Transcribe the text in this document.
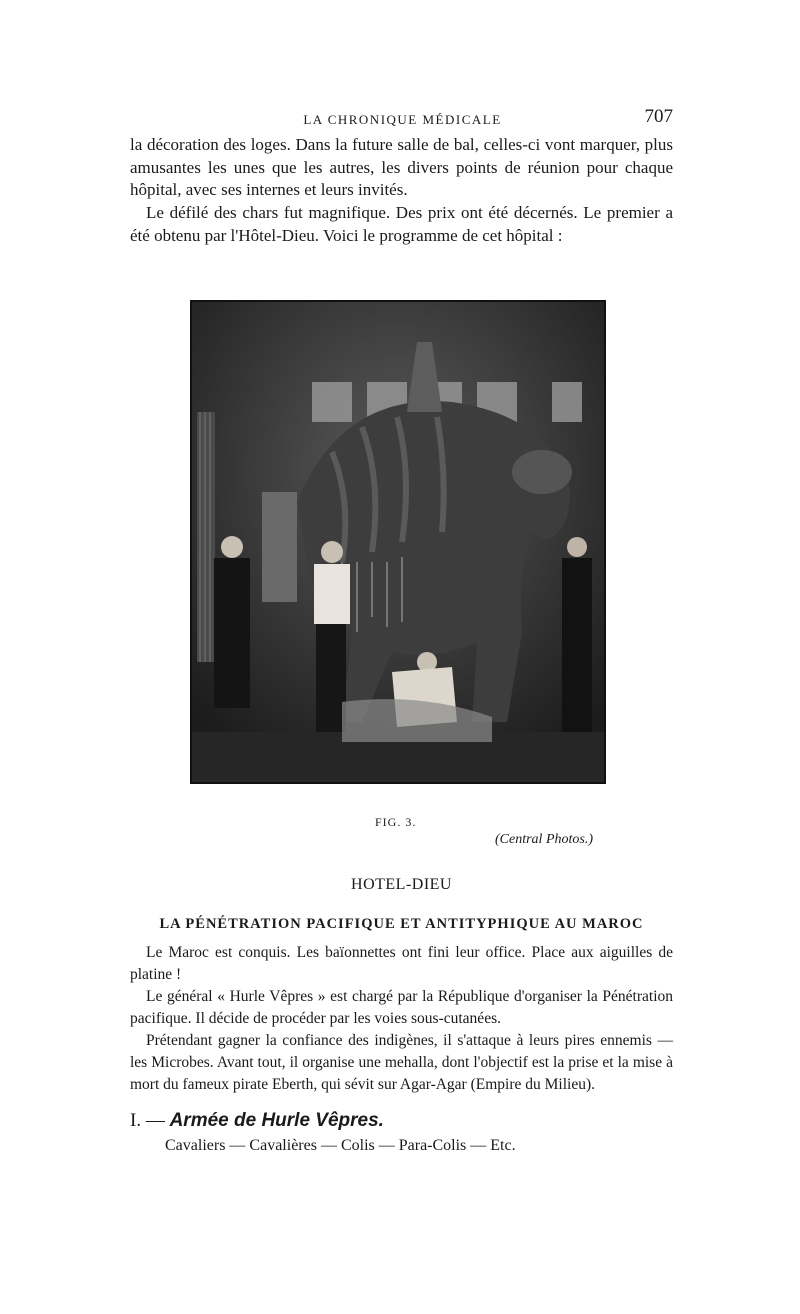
LA CHRONIQUE MÉDICALE	707

la décoration des loges. Dans la future salle de bal, celles-ci vont marquer, plus amusantes les unes que les autres, les divers points de réunion pour chaque hôpital, avec ses internes et leurs invités.

Le défilé des chars fut magnifique. Des prix ont été décernés. Le premier a été obtenu par l'Hôtel-Dieu. Voici le programme de cet hôpital :

FIG. 3.
(Central Photos.)
HOTEL-DIEU
LA PÉNÉTRATION PACIFIQUE ET ANTITYPHIQUE AU MAROC

Le Maroc est conquis. Les baïonnettes ont fini leur office. Place aux aiguilles de platine !

Le général « Hurle Vêpres » est chargé par la République d'organiser la Pénétration pacifique. Il décide de procéder par les voies sous-cutanées.

Prétendant gagner la confiance des indigènes, il s'attaque à leurs pires ennemis — les Microbes. Avant tout, il organise une mehalla, dont l'objectif est la prise et la mise à mort du fameux pirate Eberth, qui sévit sur Agar-Agar (Empire du Milieu).

I. — Armée de Hurle Vêpres.
Cavaliers — Cavalières — Colis — Para-Colis — Etc.
